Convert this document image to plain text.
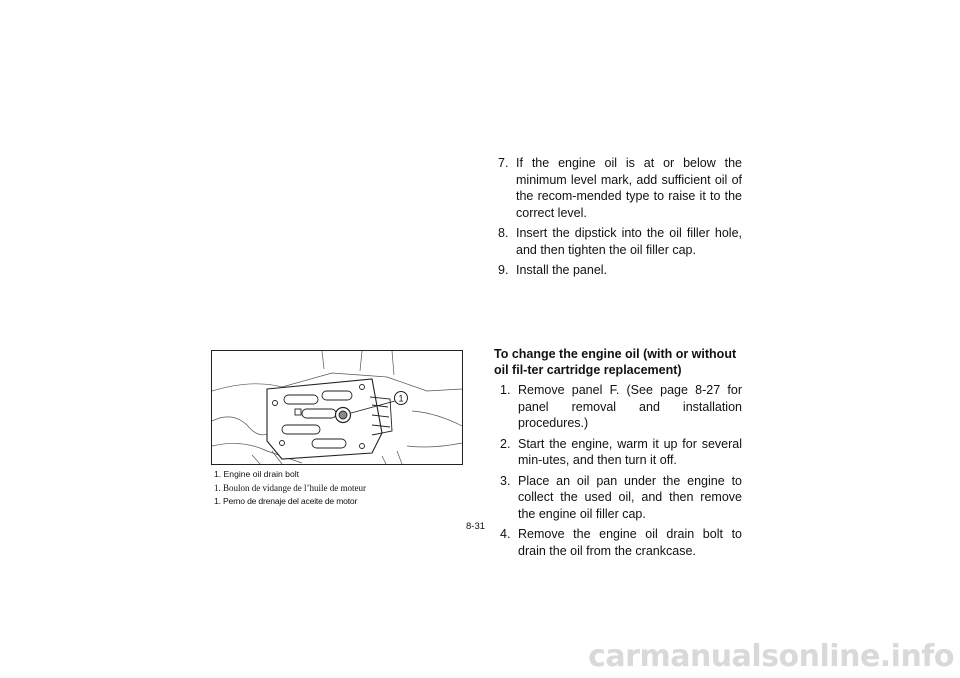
7. If the engine oil is at or below the minimum level mark, add sufficient oil of the recom-mended type to raise it to the correct level.
8. Insert the dipstick into the oil filler hole, and then tighten the oil filler cap.
9. Install the panel.
To change the engine oil (with or without oil fil-ter cartridge replacement)
1. Remove panel F. (See page 8-27 for panel removal and installation procedures.)
2. Start the engine, warm it up for several min-utes, and then turn it off.
3. Place an oil pan under the engine to collect the used oil, and then remove the engine oil filler cap.
4. Remove the engine oil drain bolt to drain the oil from the crankcase.
1
1. Engine oil drain bolt
1. Boulon de vidange de l’huile de moteur
1. Perno de drenaje del aceite de motor
8-31
carmanualsonline.info
